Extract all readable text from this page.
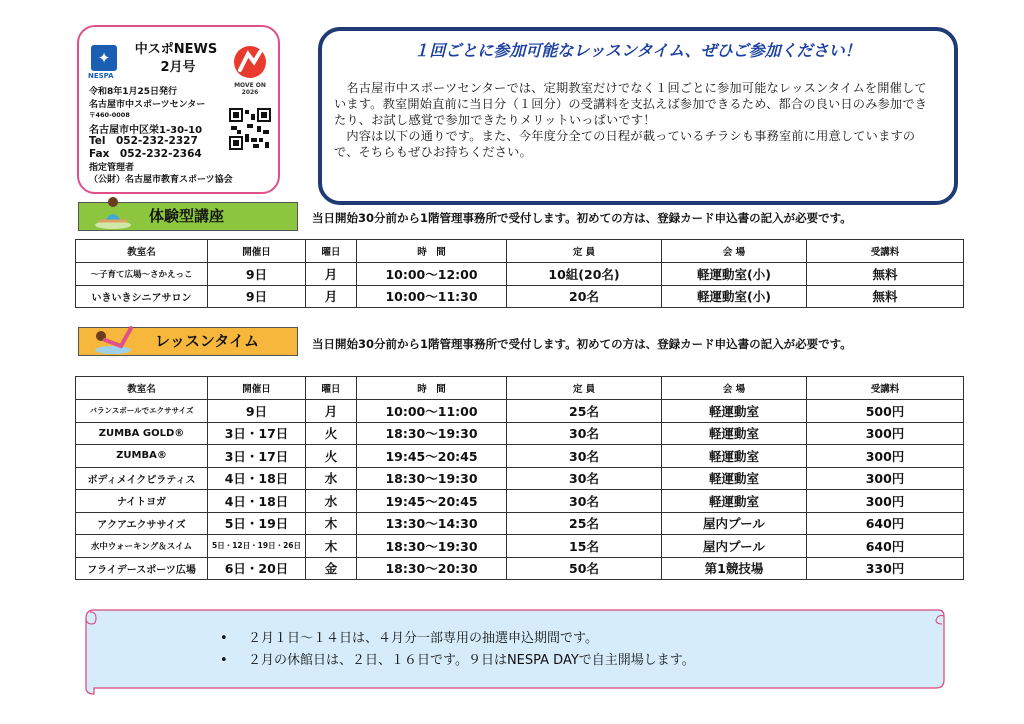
✦
NESPA
中スポNEWS
2月号
MOVE ON 2026
令和8年1月25日発行
名古屋市中スポーツセンター
〒460-0008
名古屋市中区栄1-30-10
Tel　052-232-2327
Fax　052-232-2364
指定管理者
（公財）名古屋市教育スポーツ協会
１回ごとに参加可能なレッスンタイム、ぜひご参加ください！

　名古屋市中スポーツセンターでは、定期教室だけでなく１回ごとに参加可能なレッスンタイムを開催しています。教室開始直前に当日分（１回分）の受講料を支払えば参加できるため、都合の良い日のみ参加できたり、お試し感覚で参加できたりメリットいっぱいです！

　内容は以下の通りです。また、今年度分全ての日程が載っているチラシも事務室前に用意していますので、そちらもぜひお持ちください。

体験型講座	当日開始30分前から1階管理事務所で受付します。初めての方は、登録カード申込書の記入が必要です。
教室名	開催日	曜日	時　間	定 員	会 場	受講料
～子育て広場～さかえっこ	9日	月	10:00～12:00	10組(20名)	軽運動室(小)	無料
いきいきシニアサロン	9日	月	10:00～11:30	20名	軽運動室(小)	無料
レッスンタイム	当日開始30分前から1階管理事務所で受付します。初めての方は、登録カード申込書の記入が必要です。
教室名	開催日	曜日	時　間	定 員	会 場	受講料
バランスボールでエクササイズ	9日	月	10:00～11:00	25名	軽運動室	500円
ZUMBA GOLD®	3日・17日	火	18:30～19:30	30名	軽運動室	300円
ZUMBA®	3日・17日	火	19:45～20:45	30名	軽運動室	300円
ボディメイクピラティス	4日・18日	水	18:30～19:30	30名	軽運動室	300円
ナイトヨガ	4日・18日	水	19:45～20:45	30名	軽運動室	300円
アクアエクササイズ	5日・19日	木	13:30～14:30	25名	屋内プール	640円
水中ウォーキング＆スイム	5日・12日・19日・26日	木	18:30～19:30	15名	屋内プール	640円
フライデースポーツ広場	6日・20日	金	18:30～20:30	50名	第1競技場	330円
• ２月１日～１４日は、４月分一部専用の抽選申込期間です。
• ２月の休館日は、２日、１６日です。９日はNESPA DAYで自主開場します。
